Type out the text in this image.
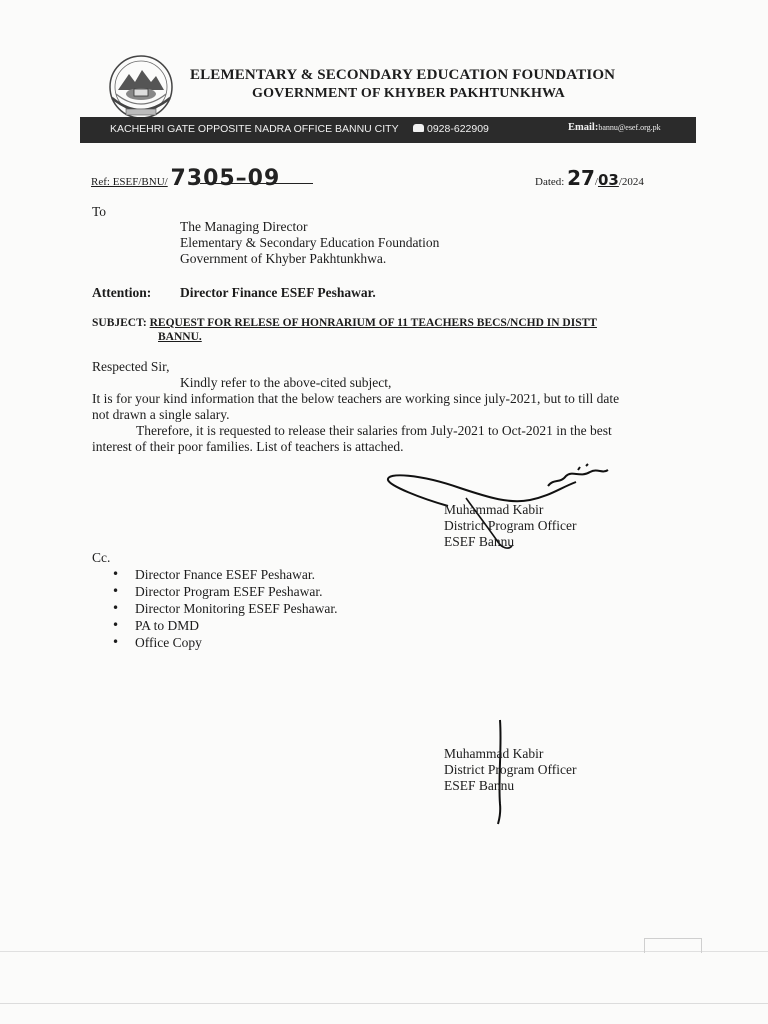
ELEMENTARY & SECONDARY EDUCATION FOUNDATION
GOVERNMENT OF KHYBER PAKHTUNKHWA
KACHEHRI GATE OPPOSITE NADRA OFFICE BANNU CITY	0928-622909	Email:bannu@esef.org.pk
Ref: ESEF/BNU/ 7305–09	Dated: 27/03/2024
To
The Managing Director
Elementary & Secondary Education Foundation
Government of Khyber Pakhtunkhwa.
Attention: Director Finance ESEF Peshawar.
SUBJECT: REQUEST FOR RELESE OF HONRARIUM OF 11 TEACHERS BECS/NCHD IN DISTT
BANNU.
Respected Sir,
Kindly refer to the above-cited subject,
It is for your kind information that the below teachers are working since july-2021, but to till date
not drawn a single salary.
Therefore, it is requested to release their salaries from July-2021 to Oct-2021 in the best
interest of their poor families. List of teachers is attached.
Muhammad Kabir
District Program Officer
ESEF Bannu
Cc.
• Director Fnance ESEF Peshawar.
• Director Program ESEF Peshawar.
• Director Monitoring ESEF Peshawar.
• PA to DMD
• Office Copy
Muhammad Kabir
District Program Officer
ESEF Bannu
